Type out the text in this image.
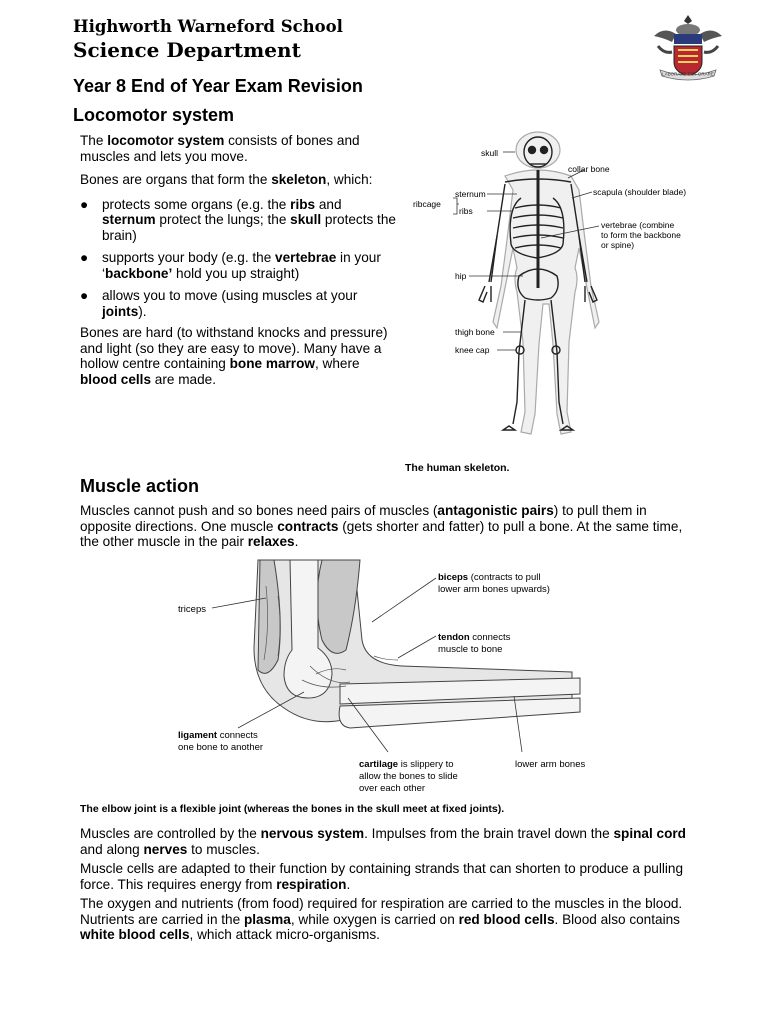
Highworth Warneford School
Science Department
LABORARE EST ORARE
Year 8 End of Year Exam Revision
Locomotor system
The locomotor system consists of bones and muscles and lets you move.
Bones are organs that form the skeleton, which:
● protects some organs (e.g. the ribs and sternum protect the lungs; the skull protects the brain)
● supports your body (e.g. the vertebrae in your ‘backbone’ hold you up straight)
● allows you to move (using muscles at your joints).
Bones are hard (to withstand knocks and pressure) and light (so they are easy to move). Many have a hollow centre containing bone marrow, where blood cells are made.
skull
collar bone
sternum
ribcage
ribs
scapula (shoulder blade)
vertebrae (combine
to form the backbone
or spine)
hip
thigh bone
knee cap
The human skeleton.
Muscle action
Muscles cannot push and so bones need pairs of muscles (antagonistic pairs) to pull them in opposite directions. One muscle contracts (gets shorter and fatter) to pull a bone. At the same time, the other muscle in the pair relaxes.
triceps
biceps (contracts to pull
lower arm bones upwards)
tendon connects
muscle to bone
ligament connects
one bone to another
cartilage is slippery to
allow the bones to slide
over each other
lower arm bones
The elbow joint is a flexible joint (whereas the bones in the skull meet at fixed joints).
Muscles are controlled by the nervous system. Impulses from the brain travel down the spinal cord and along nerves to muscles.
Muscle cells are adapted to their function by containing strands that can shorten to produce a pulling force. This requires energy from respiration.
The oxygen and nutrients (from food) required for respiration are carried to the muscles in the blood. Nutrients are carried in the plasma, while oxygen is carried on red blood cells. Blood also contains white blood cells, which attack micro-organisms.
